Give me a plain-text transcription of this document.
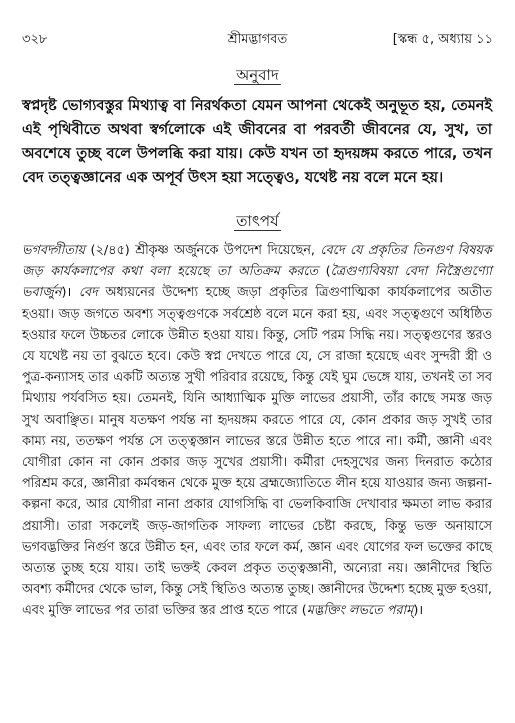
৩২৮	শ্রীমদ্ভাগবত	[স্কন্ধ ৫, অধ্যায় ১১
অনুবাদ

স্বপ্নদৃষ্ট ভোগ্যবস্তুর মিথ্যাত্ব বা নিরর্থকতা যেমন আপনা থেকেই অনুভূত হয়, তেমনই এই পৃথিবীতে অথবা স্বর্গলোকে এই জীবনের বা পরবর্তী জীবনের যে, সুখ, তা অবশেষে তুচ্ছ বলে উপলব্ধি করা যায়। কেউ যখন তা হৃদয়ঙ্গম করতে পারে, তখন বেদ তত্ত্বজ্ঞানের এক অপূর্ব উৎস হয়া সত্ত্বেও, যথেষ্ট নয় বলে মনে হয়।

তাৎপর্য

ভগবদ্গীতায় (২/৪৫) শ্রীকৃষ্ণ অর্জুনকে উপদেশ দিয়েছেন, বেদে যে প্রকৃতির তিনগুণ বিষয়ক জড় কার্যকলাপের কথা বলা হয়েছে তা অতিক্রম করতে (ত্রৈগুণ্যবিষয়া বেদা নিস্ত্রৈগুণ্যো ভবার্জুন)। বেদ অধ্যয়নের উদ্দেশ্য হচ্ছে জড়া প্রকৃতির ত্রিগুণাত্মিকা কার্যকলাপের অতীত হওয়া। জড় জগতে অবশ্য সত্ত্বগুণকে সর্বশ্রেষ্ঠ বলে মনে করা হয়, এবং সত্ত্বগুণে অধিষ্ঠিত হওয়ার ফলে উচ্চতর লোকে উন্নীত হওয়া যায়। কিন্তু, সেটি পরম সিদ্ধি নয়। সত্ত্বগুণের স্তরও যে যথেষ্ট নয় তা বুঝতে হবে। কেউ স্বপ্ন দেখতে পারে যে, সে রাজা হয়েছে এবং সুন্দরী স্ত্রী ও পুত্র-কন্যাসহ তার একটি অত্যন্ত সুখী পরিবার রয়েছে, কিন্তু যেই ঘুম ভেঙ্গে যায়, তখনই তা সব মিথ্যায় পর্যবসিত হয়। তেমনই, যিনি আধ্যাত্মিক মুক্তি লাভের প্রয়াসী, তাঁর কাছে সমস্ত জড় সুখ অবাঞ্ছিত। মানুষ যতক্ষণ পর্যন্ত না হৃদয়ঙ্গম করতে পারে যে, কোন প্রকার জড় সুখই তার কাম্য নয়, ততক্ষণ পর্যন্ত সে তত্ত্বজ্ঞান লাভের স্তরে উন্নীত হতে পারে না। কর্মী, জ্ঞানী এবং যোগীরা কোন না কোন প্রকার জড় সুখের প্রয়াসী। কর্মীরা দেহসুখের জন্য দিনরাত কঠোর পরিশ্রম করে, জ্ঞানীরা কর্মবন্ধন থেকে মুক্ত হয়ে ব্রহ্মজ্যোতিতে লীন হয়ে যাওয়ার জন্য জল্পনা-কল্পনা করে, আর যোগীরা নানা প্রকার যোগসিদ্ধি বা ভেলকিবাজি দেখাবার ক্ষমতা লাভ করার প্রয়াসী। তারা সকলেই জড়-জাগতিক সাফল্য লাভের চেষ্টা করছে, কিন্তু ভক্ত অনায়াসে ভগবদ্ভক্তির নির্গুণ স্তরে উন্নীত হন, এবং তার ফলে কর্ম, জ্ঞান এবং যোগের ফল ভক্তের কাছে অত্যন্ত তুচ্ছ হয়ে যায়। তাই ভক্তই কেবল প্রকৃত তত্ত্বজ্ঞানী, অন্যেরা নয়। জ্ঞানীদের স্থিতি অবশ্য কর্মীদের থেকে ভাল, কিন্তু সেই স্থিতিও অত্যন্ত তুচ্ছ। জ্ঞানীদের উদ্দেশ্য হচ্ছে মুক্ত হওয়া, এবং মুক্তি লাভের পর তারা ভক্তির স্তর প্রাপ্ত হতে পারে (মদ্ভক্তিং লভতে পরাম্)।
